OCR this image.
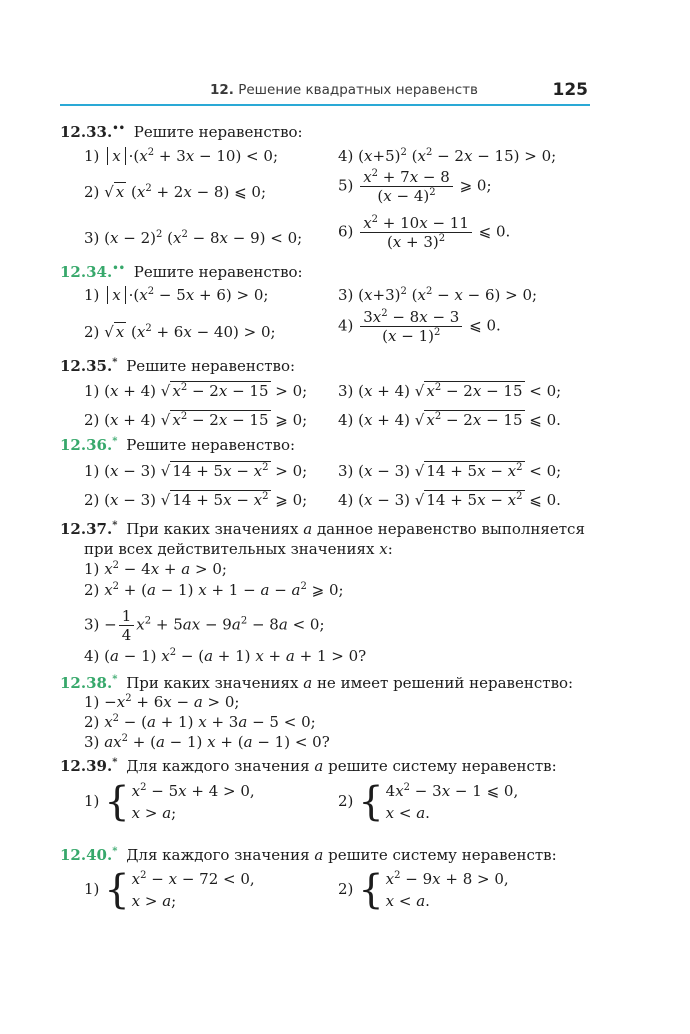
12. Решение квадратных неравенств	125
12.33.•• Решите неравенство:
1) $x \cdot(x^2 + 3x - 10) < 0$;	4) $(x+5)^2$ $(x^2 - 2x - 15) > 0$;
2) √ x $(x^2 + 2x - 8)$ ⩽ 0;	$5) \frac{x^2 + 7x - 8}{(x - 4)^2}$ ⩾ 0;
3) $(x - 2)^2$ $(x^2 - 8x - 9) < 0$; $6) \frac{x^2 + 10x - 11}{(x + 3)^2}$ ⩽ 0.
12.34.•• Решите неравенство:
1) $x \cdot(x^2 - 5x + 6) > 0$;	3) $(x+3)^2$ $(x^2 - x - 6) > 0$;
2) √ x $(x^2 + 6x - 40) > 0$;	$4) \frac{3x^2 - 8x - 3}{(x - 1)^2}$ ⩽ 0.
12.35.* Решите неравенство:
1) (x + 4) √ $x^2 - 2x - 15 > 0$; 3) (x + 4) √ $x^2 - 2x - 15 < 0$;
2) (x + 4) √ $x^2 - 2x - 15$ ⩾ 0; 4) (x + 4) √ $x^2 - 2x - 15$ ⩽ 0.
12.36.* Решите неравенство:
1) (x − 3) √ $14 + 5x - x^2 > 0$; 3) (x − 3) √ $14 + 5x - x^2 < 0$;
2) (x − 3) √ $14 + 5x - x^2$ ⩾ 0; 4) (x − 3) √ $14 + 5x - x^2$ ⩽ 0.
12.37.* При каких значениях a данное неравенство выполняется
при всех действительных значениях x:
1) $x^2 - 4x + a > 0$;
2) $x^2 + (a - 1) x + 1 - a - a^2$ ⩾ 0;
$3) - \frac{1}{4} x^2 + 5ax - 9a^2 - 8a < 0$;
4) (a − 1) $x^2 - (a + 1) x + a + 1 > 0$?
12.38.* При каких значениях a не имеет решений неравенство:
$1) -x^2 + 6x - a > 0$;
2) $x^2 - (a + 1) x + 3a - 5 < 0$;
3) $ax^2 + (a - 1) x + (a - 1) < 0$?
12.39.* Для каждого значения a решите систему неравенств:
1) { $x^2 - 5x + 4 > 0$,
x > a;
2) { $4x^2 - 3x - 1$ ⩽ 0,
x < a.
12.40.* Для каждого значения a решите систему неравенств:
1) { $x^2 - x - 72 < 0$,
x > a;
2) { $x^2 - 9x + 8 > 0$,
x < a.
